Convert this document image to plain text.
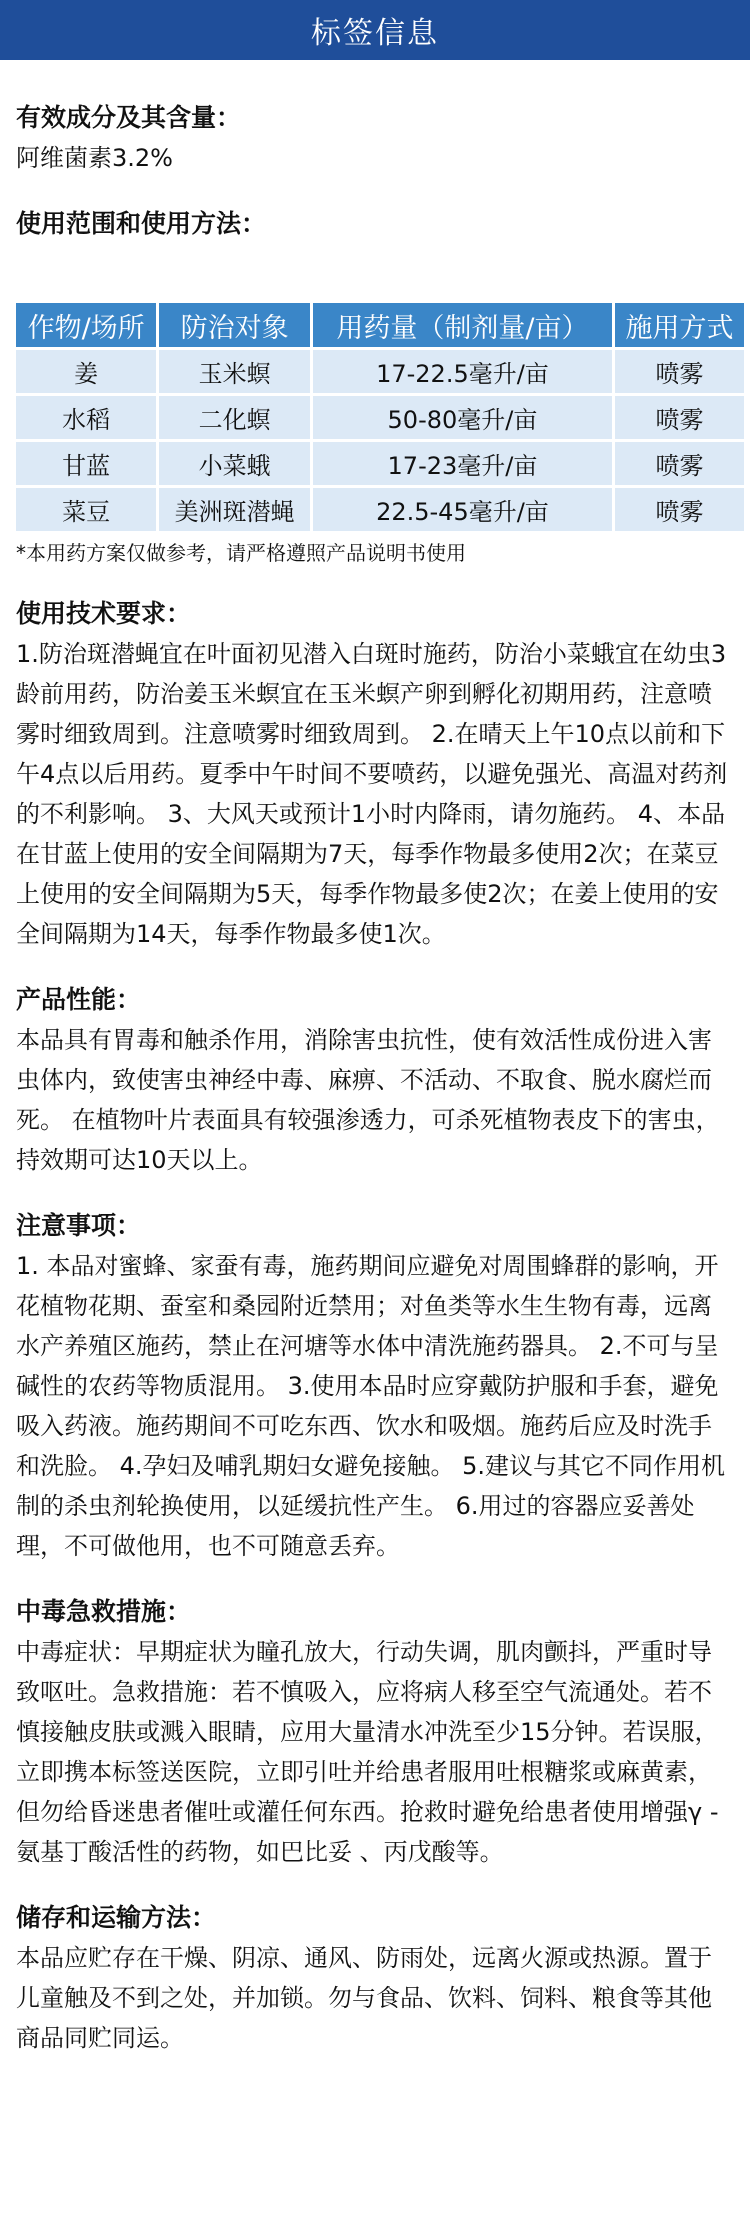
标签信息
有效成分及其含量：
阿维菌素3.2%
使用范围和使用方法：
作物/场所	防治对象	用药量（制剂量/亩）	施用方式
姜	玉米螟	17-22.5毫升/亩	喷雾
水稻	二化螟	50-80毫升/亩	喷雾
甘蓝	小菜蛾	17-23毫升/亩	喷雾
菜豆	美洲斑潜蝇	22.5-45毫升/亩	喷雾
*本用药方案仅做参考，请严格遵照产品说明书使用
使用技术要求：
1.防治斑潜蝇宜在叶面初见潜入白斑时施药，防治小菜蛾宜在幼虫3龄前用药，防治姜玉米螟宜在玉米螟产卵到孵化初期用药，注意喷雾时细致周到。注意喷雾时细致周到。 2.在晴天上午10点以前和下午4点以后用药。夏季中午时间不要喷药，以避免强光、高温对药剂的不利影响。 3、大风天或预计1小时内降雨，请勿施药。 4、本品在甘蓝上使用的安全间隔期为7天，每季作物最多使用2次；在菜豆上使用的安全间隔期为5天，每季作物最多使2次；在姜上使用的安全间隔期为14天，每季作物最多使1次。
产品性能：
本品具有胃毒和触杀作用，消除害虫抗性，使有效活性成份进入害虫体内，致使害虫神经中毒、麻痹、不活动、不取食、脱水腐烂而死。 在植物叶片表面具有较强渗透力，可杀死植物表皮下的害虫，持效期可达10天以上。
注意事项：
1. 本品对蜜蜂、家蚕有毒，施药期间应避免对周围蜂群的影响，开花植物花期、蚕室和桑园附近禁用；对鱼类等水生生物有毒，远离水产养殖区施药，禁止在河塘等水体中清洗施药器具。 2.不可与呈碱性的农药等物质混用。 3.使用本品时应穿戴防护服和手套，避免吸入药液。施药期间不可吃东西、饮水和吸烟。施药后应及时洗手和洗脸。 4.孕妇及哺乳期妇女避免接触。 5.建议与其它不同作用机制的杀虫剂轮换使用，以延缓抗性产生。 6.用过的容器应妥善处理，不可做他用，也不可随意丢弃。
中毒急救措施：
中毒症状：早期症状为瞳孔放大，行动失调，肌肉颤抖，严重时导致呕吐。急救措施：若不慎吸入，应将病人移至空气流通处。若不慎接触皮肤或溅入眼睛，应用大量清水冲洗至少15分钟。若误服，立即携本标签送医院，立即引吐并给患者服用吐根糖浆或麻黄素，但勿给昏迷患者催吐或灌任何东西。抢救时避免给患者使用增强γ - 氨基丁酸活性的药物，如巴比妥 、丙戊酸等。
储存和运输方法：
本品应贮存在干燥、阴凉、通风、防雨处，远离火源或热源。置于儿童触及不到之处，并加锁。勿与食品、饮料、饲料、粮食等其他商品同贮同运。
